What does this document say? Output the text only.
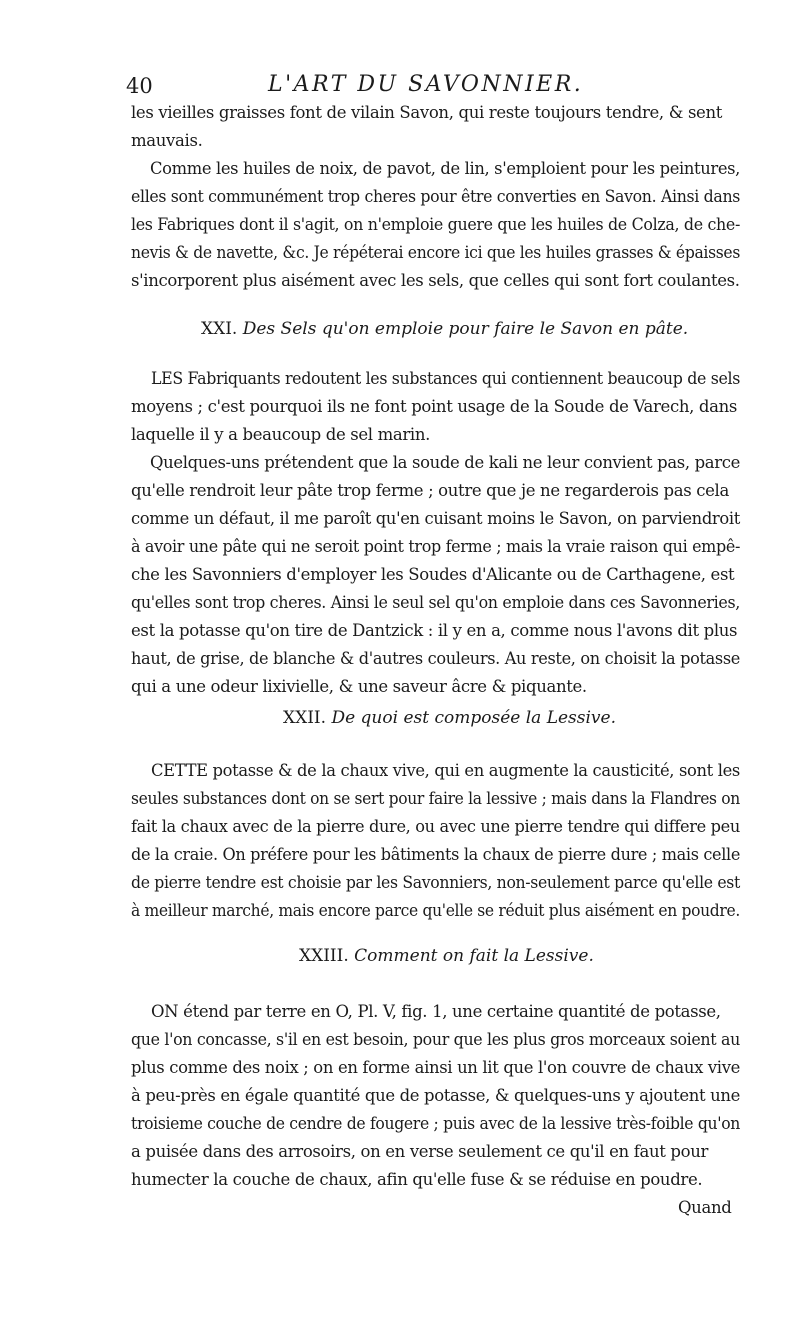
40	L'ART DU SAVONNIER.
les vieilles graisses font de vilain Savon, qui reste toujours tendre, & sent
mauvais.
Comme les huiles de noix, de pavot, de lin, s'emploient pour les peintures,
elles sont communément trop cheres pour être converties en Savon. Ainsi dans
les Fabriques dont il s'agit, on n'emploie guere que les huiles de Colza, de che-
nevis & de navette, &c. Je répéterai encore ici que les huiles grasses & épaisses
s'incorporent plus aisément avec les sels, que celles qui sont fort coulantes.
XXI. Des Sels qu'on emploie pour faire le Savon en pâte.
LES Fabriquants redoutent les substances qui contiennent beaucoup de sels
moyens ; c'est pourquoi ils ne font point usage de la Soude de Varech, dans
laquelle il y a beaucoup de sel marin.
Quelques-uns prétendent que la soude de kali ne leur convient pas, parce
qu'elle rendroit leur pâte trop ferme ; outre que je ne regarderois pas cela
comme un défaut, il me paroît qu'en cuisant moins le Savon, on parviendroit
à avoir une pâte qui ne seroit point trop ferme ; mais la vraie raison qui empê-
che les Savonniers d'employer les Soudes d'Alicante ou de Carthagene, est
qu'elles sont trop cheres. Ainsi le seul sel qu'on emploie dans ces Savonneries,
est la potasse qu'on tire de Dantzick : il y en a, comme nous l'avons dit plus
haut, de grise, de blanche & d'autres couleurs. Au reste, on choisit la potasse
qui a une odeur lixivielle, & une saveur âcre & piquante.
XXII. De quoi est composée la Lessive.
CETTE potasse & de la chaux vive, qui en augmente la causticité, sont les
seules substances dont on se sert pour faire la lessive ; mais dans la Flandres on
fait la chaux avec de la pierre dure, ou avec une pierre tendre qui differe peu
de la craie. On préfere pour les bâtiments la chaux de pierre dure ; mais celle
de pierre tendre est choisie par les Savonniers, non-seulement parce qu'elle est
à meilleur marché, mais encore parce qu'elle se réduit plus aisément en poudre.
XXIII. Comment on fait la Lessive.
ON étend par terre en O, Pl. V, fig. 1, une certaine quantité de potasse,
que l'on concasse, s'il en est besoin, pour que les plus gros morceaux soient au
plus comme des noix ; on en forme ainsi un lit que l'on couvre de chaux vive
à peu-près en égale quantité que de potasse, & quelques-uns y ajoutent une
troisieme couche de cendre de fougere ; puis avec de la lessive très-foible qu'on
a puisée dans des arrosoirs, on en verse seulement ce qu'il en faut pour
humecter la couche de chaux, afin qu'elle fuse & se réduise en poudre.
Quand
